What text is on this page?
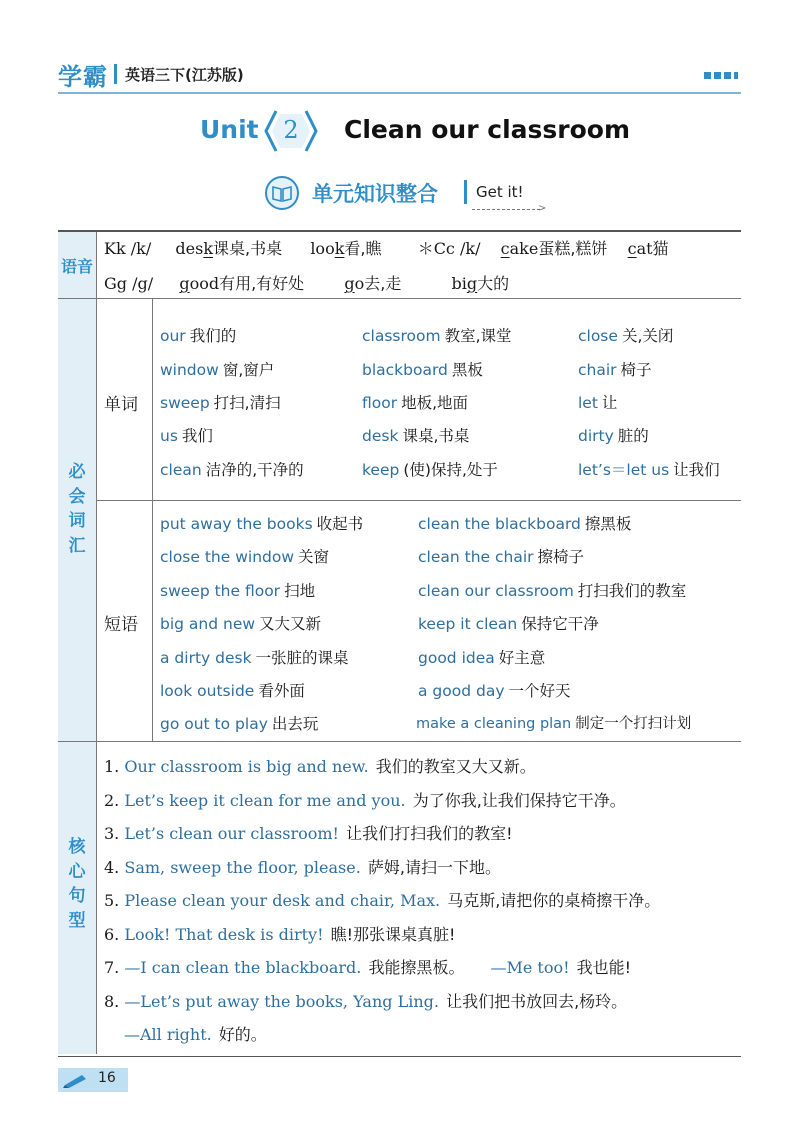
学霸 英语三下(江苏版)
Unit	2	Clean our classroom
单元知识整合	Get it!
>
语音
Kk /k/ desk课桌,书桌 look看,瞧 ＊Cc /k/ cake蛋糕,糕饼 cat猫
Gg /g/ good有用,有好处	go去,走	big大的
必会词汇
单词
our 我们的	classroom 教室,课堂	close 关,关闭
window 窗,窗户	blackboard 黑板	chair 椅子
sweep 打扫,清扫	floor 地板,地面	let 让
us 我们	desk 课桌,书桌	dirty 脏的
clean 洁净的,干净的	keep (使)保持,处于	let’s＝let us 让我们
短语
put away the books 收起书	clean the blackboard 擦黑板
close the window 关窗	clean the chair 擦椅子
sweep the floor 扫地	clean our classroom 打扫我们的教室
big and new 又大又新	keep it clean 保持它干净
a dirty desk 一张脏的课桌	good idea 好主意
look outside 看外面	a good day 一个好天
go out to play 出去玩	make a cleaning plan 制定一个打扫计划
核心句型
1. Our classroom is big and new. 我们的教室又大又新。
2. Let’s keep it clean for me and you. 为了你我,让我们保持它干净。
3. Let’s clean our classroom! 让我们打扫我们的教室!
4. Sam, sweep the floor, please. 萨姆,请扫一下地。
5. Please clean your desk and chair, Max. 马克斯,请把你的桌椅擦干净。
6. Look! That desk is dirty! 瞧!那张课桌真脏!
7. —I can clean the blackboard. 我能擦黑板。 —Me too! 我也能!
8. —Let’s put away the books, Yang Ling. 让我们把书放回去,杨玲。
—All right. 好的。
16
